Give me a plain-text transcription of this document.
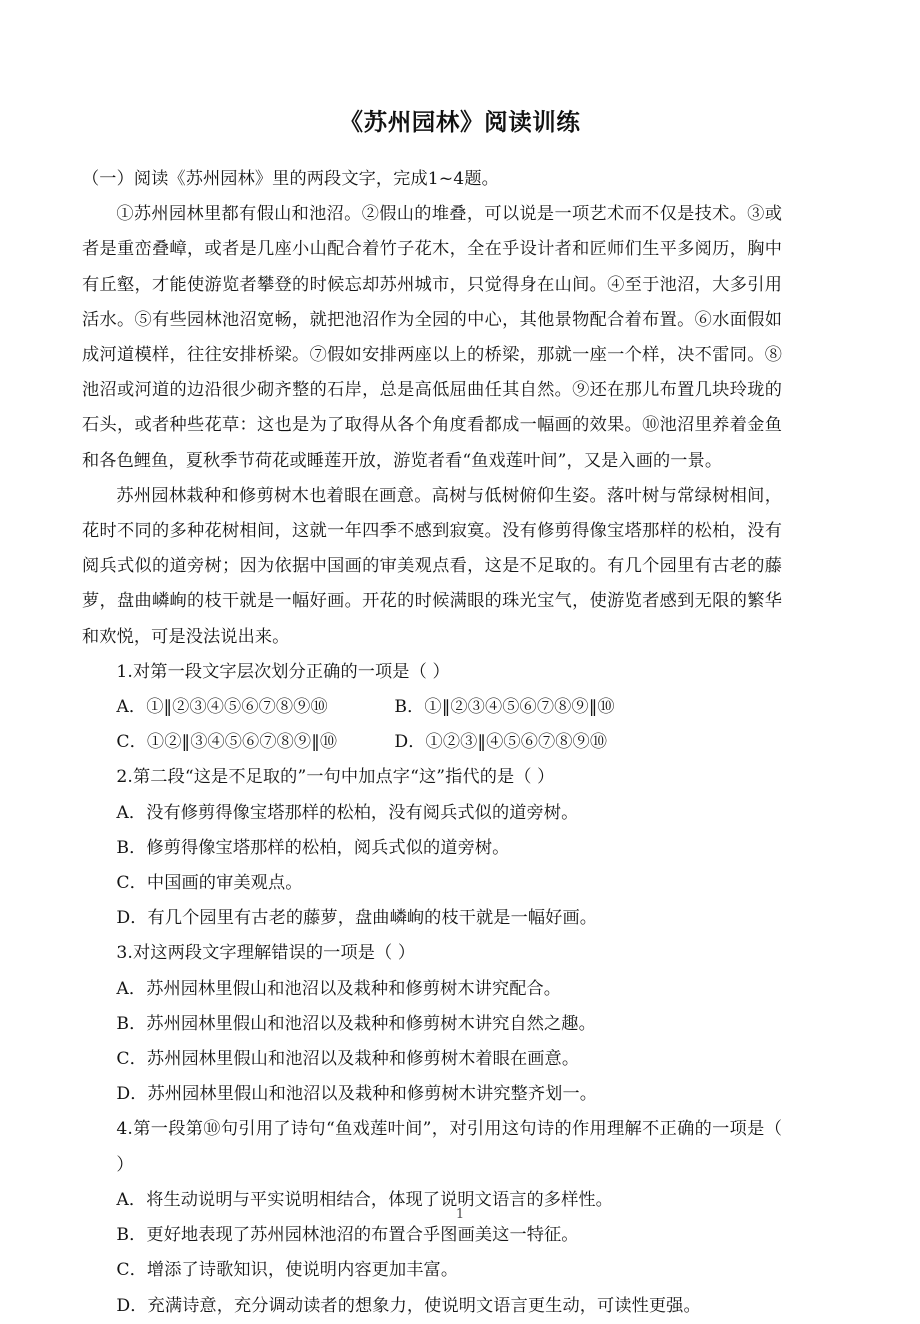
《苏州园林》阅读训练

（一）阅读《苏州园林》里的两段文字，完成1~4题。

①苏州园林里都有假山和池沼。②假山的堆叠，可以说是一项艺术而不仅是技术。③或者是重峦叠嶂，或者是几座小山配合着竹子花木，全在乎设计者和匠师们生平多阅历，胸中有丘壑，才能使游览者攀登的时候忘却苏州城市，只觉得身在山间。④至于池沼，大多引用活水。⑤有些园林池沼宽畅，就把池沼作为全园的中心，其他景物配合着布置。⑥水面假如成河道模样，往往安排桥梁。⑦假如安排两座以上的桥梁，那就一座一个样，决不雷同。⑧池沼或河道的边沿很少砌齐整的石岸，总是高低屈曲任其自然。⑨还在那儿布置几块玲珑的石头，或者种些花草：这也是为了取得从各个角度看都成一幅画的效果。⑩池沼里养着金鱼和各色鲤鱼，夏秋季节荷花或睡莲开放，游览者看“鱼戏莲叶间”，又是入画的一景。

苏州园林栽种和修剪树木也着眼在画意。高树与低树俯仰生姿。落叶树与常绿树相间，花时不同的多种花树相间，这就一年四季不感到寂寞。没有修剪得像宝塔那样的松柏，没有阅兵式似的道旁树；因为依据中国画的审美观点看，这是不足取的。有几个园里有古老的藤萝，盘曲嶙峋的枝干就是一幅好画。开花的时候满眼的珠光宝气，使游览者感到无限的繁华和欢悦，可是没法说出来。

1.对第一段文字层次划分正确的一项是（ ）

A．①‖②③④⑤⑥⑦⑧⑨⑩	B．①‖②③④⑤⑥⑦⑧⑨‖⑩
C．①②‖③④⑤⑥⑦⑧⑨‖⑩	D．①②③‖④⑤⑥⑦⑧⑨⑩

2.第二段“这是不足取的”一句中加点字“这”指代的是（ ）

A．没有修剪得像宝塔那样的松柏，没有阅兵式似的道旁树。

B．修剪得像宝塔那样的松柏，阅兵式似的道旁树。

C．中国画的审美观点。

D．有几个园里有古老的藤萝，盘曲嶙峋的枝干就是一幅好画。

3.对这两段文字理解错误的一项是（ ）

A．苏州园林里假山和池沼以及栽种和修剪树木讲究配合。

B．苏州园林里假山和池沼以及栽种和修剪树木讲究自然之趣。

C．苏州园林里假山和池沼以及栽种和修剪树木着眼在画意。

D．苏州园林里假山和池沼以及栽种和修剪树木讲究整齐划一。

4.第一段第⑩句引用了诗句“鱼戏莲叶间”，对引用这句诗的作用理解不正确的一项是（ ）

A．将生动说明与平实说明相结合，体现了说明文语言的多样性。

B．更好地表现了苏州园林池沼的布置合乎图画美这一特征。

C．增添了诗歌知识，使说明内容更加丰富。

D．充满诗意，充分调动读者的想象力，使说明文语言更生动，可读性更强。

1
